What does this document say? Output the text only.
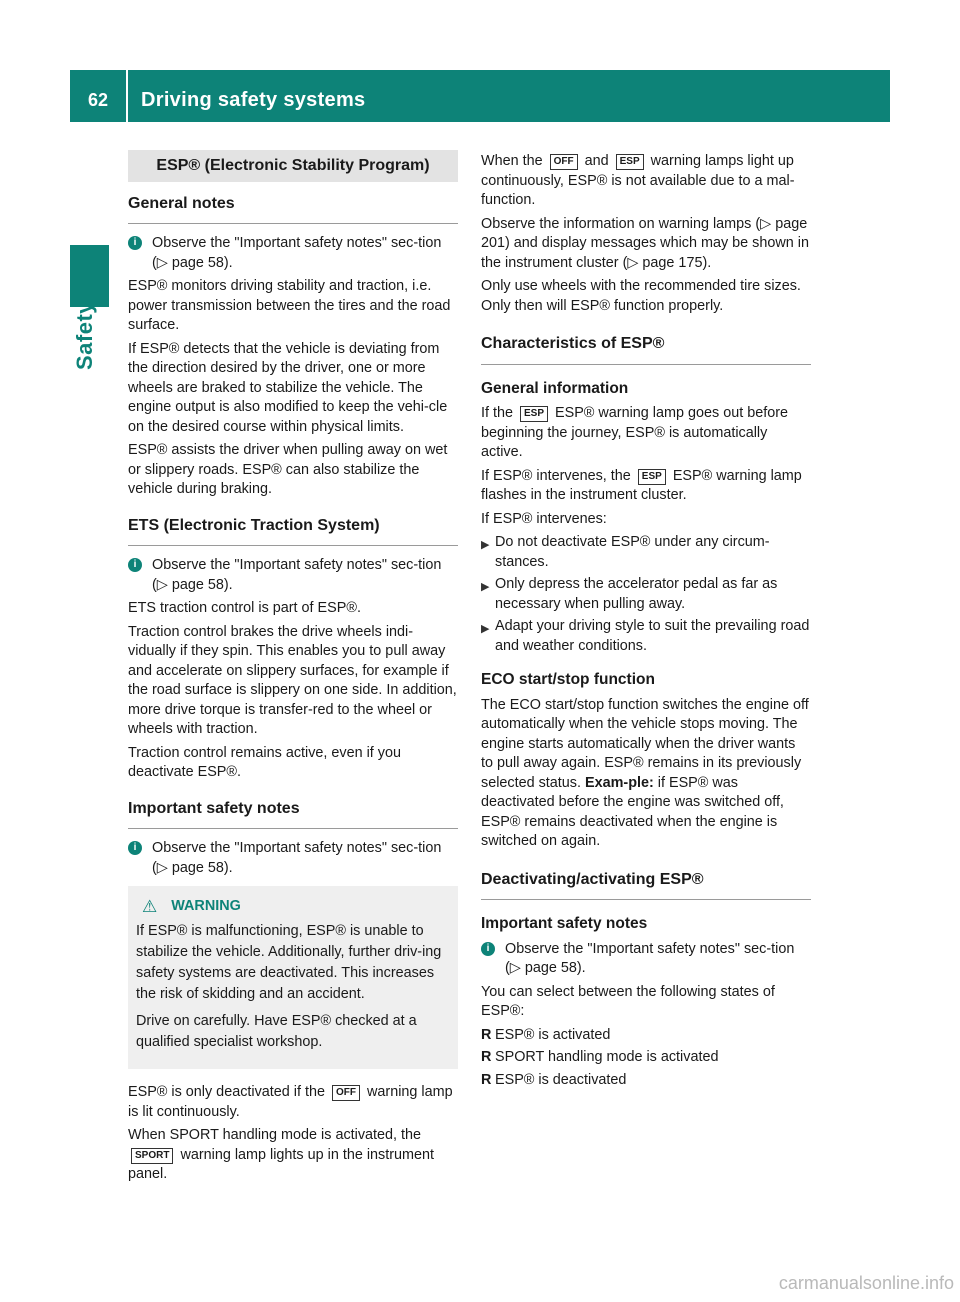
62	Driving safety systems
Safety
ESP® (Electronic Stability Program)
General notes
i	Observe the "Important safety notes" sec-tion (▷ page 58).

ESP® monitors driving stability and traction, i.e. power transmission between the tires and the road surface.

If ESP® detects that the vehicle is deviating from the direction desired by the driver, one or more wheels are braked to stabilize the vehicle. The engine output is also modified to keep the vehi-cle on the desired course within physical limits.

ESP® assists the driver when pulling away on wet or slippery roads. ESP® can also stabilize the vehicle during braking.

ETS (Electronic Traction System)
i	Observe the "Important safety notes" sec-tion (▷ page 58).

ETS traction control is part of ESP®.

Traction control brakes the drive wheels indi-vidually if they spin. This enables you to pull away and accelerate on slippery surfaces, for example if the road surface is slippery on one side. In addition, more drive torque is transfer-red to the wheel or wheels with traction.

Traction control remains active, even if you deactivate ESP®.

Important safety notes
i	Observe the "Important safety notes" sec-tion (▷ page 58).
⚠ WARNING

If ESP® is malfunctioning, ESP® is unable to stabilize the vehicle. Additionally, further driv-ing safety systems are deactivated. This increases the risk of skidding and an accident.

Drive on carefully. Have ESP® checked at a qualified specialist workshop.

ESP® is only deactivated if the OFF warning lamp is lit continuously.

When SPORT handling mode is activated, the SPORT warning lamp lights up in the instrument panel.

When the OFF and ESP warning lamps light up continuously, ESP® is not available due to a mal-function.

Observe the information on warning lamps (▷ page 201) and display messages which may be shown in the instrument cluster (▷ page 175).

Only use wheels with the recommended tire sizes. Only then will ESP® function properly.

Characteristics of ESP®
General information

If the ESP ESP® warning lamp goes out before beginning the journey, ESP® is automatically active.

If ESP® intervenes, the ESP ESP® warning lamp flashes in the instrument cluster.

If ESP® intervenes:

▶ Do not deactivate ESP® under any circum-stances.
▶ Only depress the accelerator pedal as far as necessary when pulling away.
▶ Adapt your driving style to suit the prevailing road and weather conditions.
ECO start/stop function

The ECO start/stop function switches the engine off automatically when the vehicle stops moving. The engine starts automatically when the driver wants to pull away again. ESP® remains in its previously selected status. Exam-ple: if ESP® was deactivated before the engine was switched off, ESP® remains deactivated when the engine is switched on again.

Deactivating/activating ESP®
Important safety notes
i	Observe the "Important safety notes" sec-tion (▷ page 58).

You can select between the following states of ESP®:

R ESP® is activated
R SPORT handling mode is activated
R ESP® is deactivated
carmanualsonline.info
